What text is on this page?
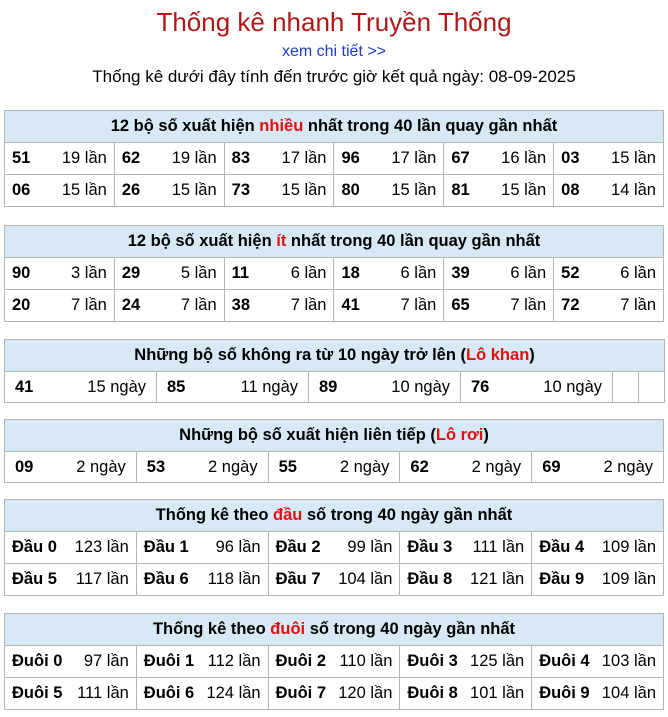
Thống kê nhanh Truyền Thống
xem chi tiết >>
Thống kê dưới đây tính đến trước giờ kết quả ngày: 08-09-2025
12 bộ số xuất hiện nhiều nhất trong 40 lần quay gần nhất					

51 19 lần	62 19 lần	83 17 lần	96 17 lần	67 16 lần	03 15 lần

06 15 lần	26 15 lần	73 15 lần	80 15 lần	81 15 lần	08 14 lần
12 bộ số xuất hiện ít nhất trong 40 lần quay gần nhất					

90 3 lần	29 5 lần	11 6 lần	18 6 lần	39 6 lần	52 6 lần

20 7 lần	24 7 lần	38 7 lần	41 7 lần	65 7 lần	72 7 lần
Những bộ số không ra từ 10 ngày trở lên (Lô khan)

41	15 ngày	85	11 ngày	89	10 ngày	76	10 ngày

Những bộ số xuất hiện liên tiếp (Lô rơi)

09	2 ngày	53	2 ngày	55	2 ngày	62	2 ngày	69	2 ngày
Thống kê theo đầu số trong 40 ngày gần nhất				

Đầu 0 123 lần	Đầu 1 96 lần	Đầu 2 99 lần	Đầu 3 111 lần	Đầu 4 109 lần

Đầu 5 117 lần	Đầu 6 118 lần	Đầu 7 104 lần	Đầu 8 121 lần	Đầu 9 109 lần
Thống kê theo đuôi số trong 40 ngày gần nhất				

Đuôi 0 97 lần	Đuôi 1 112 lần	Đuôi 2 110 lần	Đuôi 3 125 lần	Đuôi 4 103 lần

Đuôi 5 111 lần	Đuôi 6 124 lần	Đuôi 7 120 lần	Đuôi 8 101 lần	Đuôi 9 104 lần
